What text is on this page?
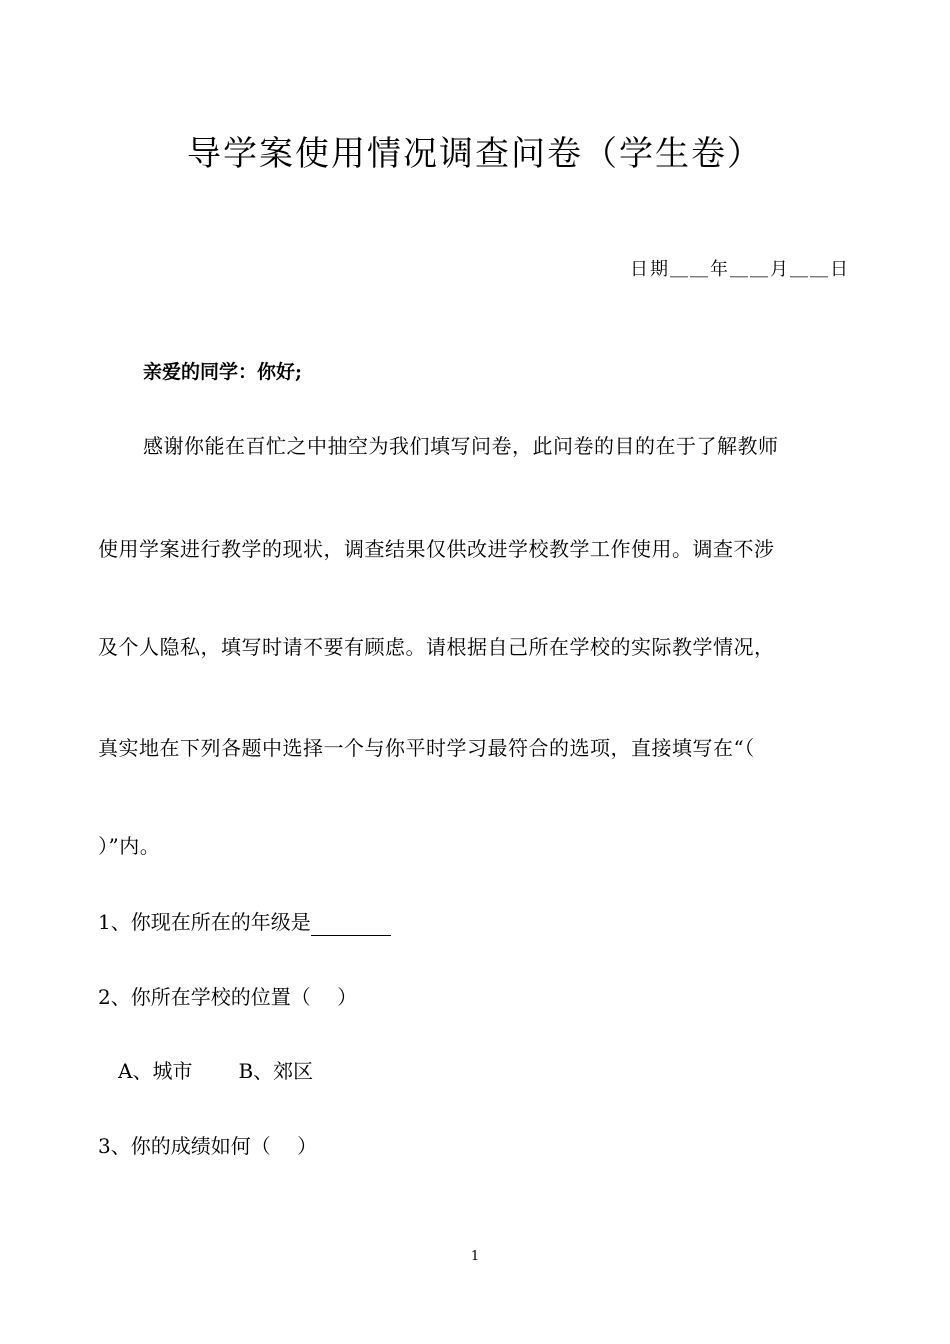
导学案使用情况调查问卷（学生卷）
日期＿＿年＿＿月＿＿日
亲爱的同学：你好;
感谢你能在百忙之中抽空为我们填写问卷，此问卷的目的在于了解教师
使用学案进行教学的现状，调查结果仅供改进学校教学工作使用。调查不涉
及个人隐私，填写时请不要有顾虑。请根据自己所在学校的实际教学情况，
真实地在下列各题中选择一个与你平时学习最符合的选项，直接填写在“（
）”内。
1、你现在所在的年级是
2、你所在学校的位置（　 ）
A、城市 B、郊区
3、你的成绩如何（　 ）
1
